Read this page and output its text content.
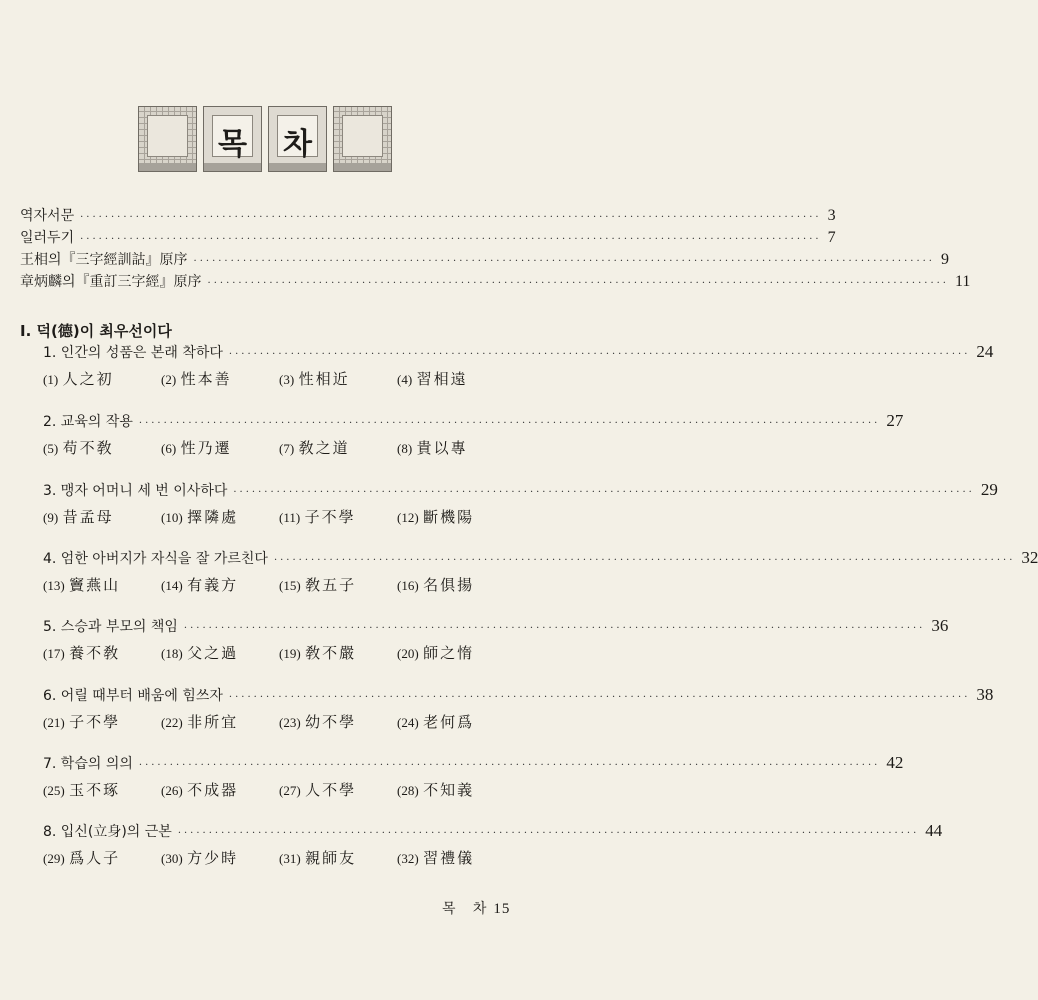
목	차
역자서문 ························································································································ 3
일러두기 ························································································································ 7
王相의『三字經訓詁』原序 ························································································································ 9
章炳麟의『重訂三字經』原序 ························································································································ 11
Ⅰ. 덕(德)이 최우선이다
1. 인간의 성품은 본래 착하다 ························································································································ 24
(1) 人之初	(2) 性本善	(3) 性相近	(4) 習相遠
2. 교육의 작용 ························································································································ 27
(5) 苟不敎	(6) 性乃遷	(7) 敎之道	(8) 貴以專
3. 맹자 어머니 세 번 이사하다 ························································································································ 29
(9) 昔孟母	(10) 擇隣處	(11) 子不學	(12) 斷機陽
4. 엄한 아버지가 자식을 잘 가르친다 ························································································································ 32
(13) 竇燕山	(14) 有義方	(15) 敎五子	(16) 名俱揚
5. 스승과 부모의 책임 ························································································································ 36
(17) 養不敎	(18) 父之過	(19) 敎不嚴	(20) 師之惰
6. 어릴 때부터 배움에 힘쓰자 ························································································································ 38
(21) 子不學	(22) 非所宜	(23) 幼不學	(24) 老何爲
7. 학습의 의의 ························································································································ 42
(25) 玉不琢	(26) 不成器	(27) 人不學	(28) 不知義
8. 입신(立身)의 근본 ························································································································ 44
(29) 爲人子	(30) 方少時	(31) 親師友	(32) 習禮儀
목   차 15
